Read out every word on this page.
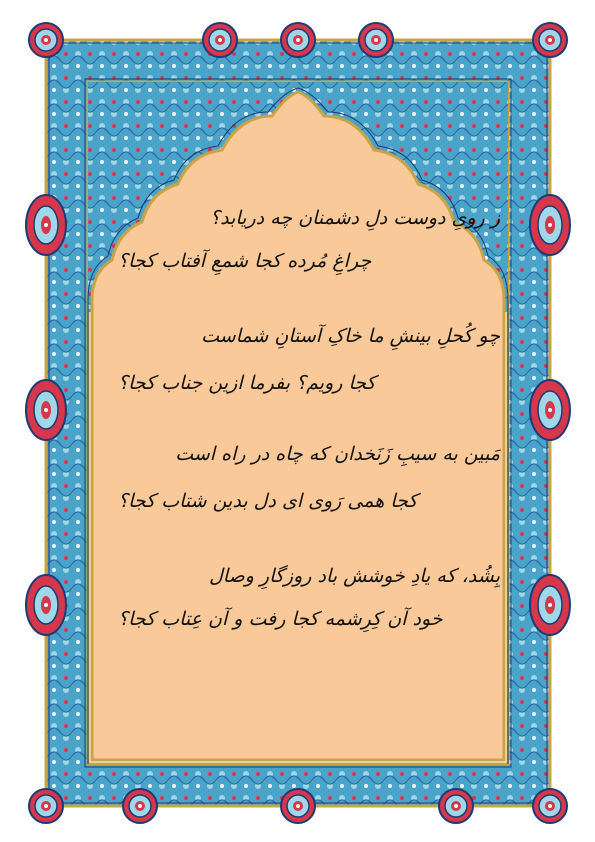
ز رویِ دوست دلِ دشمنان چه دریابد؟

چراغِ مُرده کجا شمعِ آفتاب کجا؟

چو کُحلِ بینشِ ما خاکِ آستانِ شماست

کجا رویم؟ بفرما ازین جناب کجا؟

مَبین به سیبِ زَنَخدان که چاه در راه است

کجا همی رَوی ای دل بدین شتاب کجا؟

بِشُد، که یادِ خوشش باد روزگارِ وصال

خود آن کِرِشمه کجا رفت و آن عِتاب کجا؟
